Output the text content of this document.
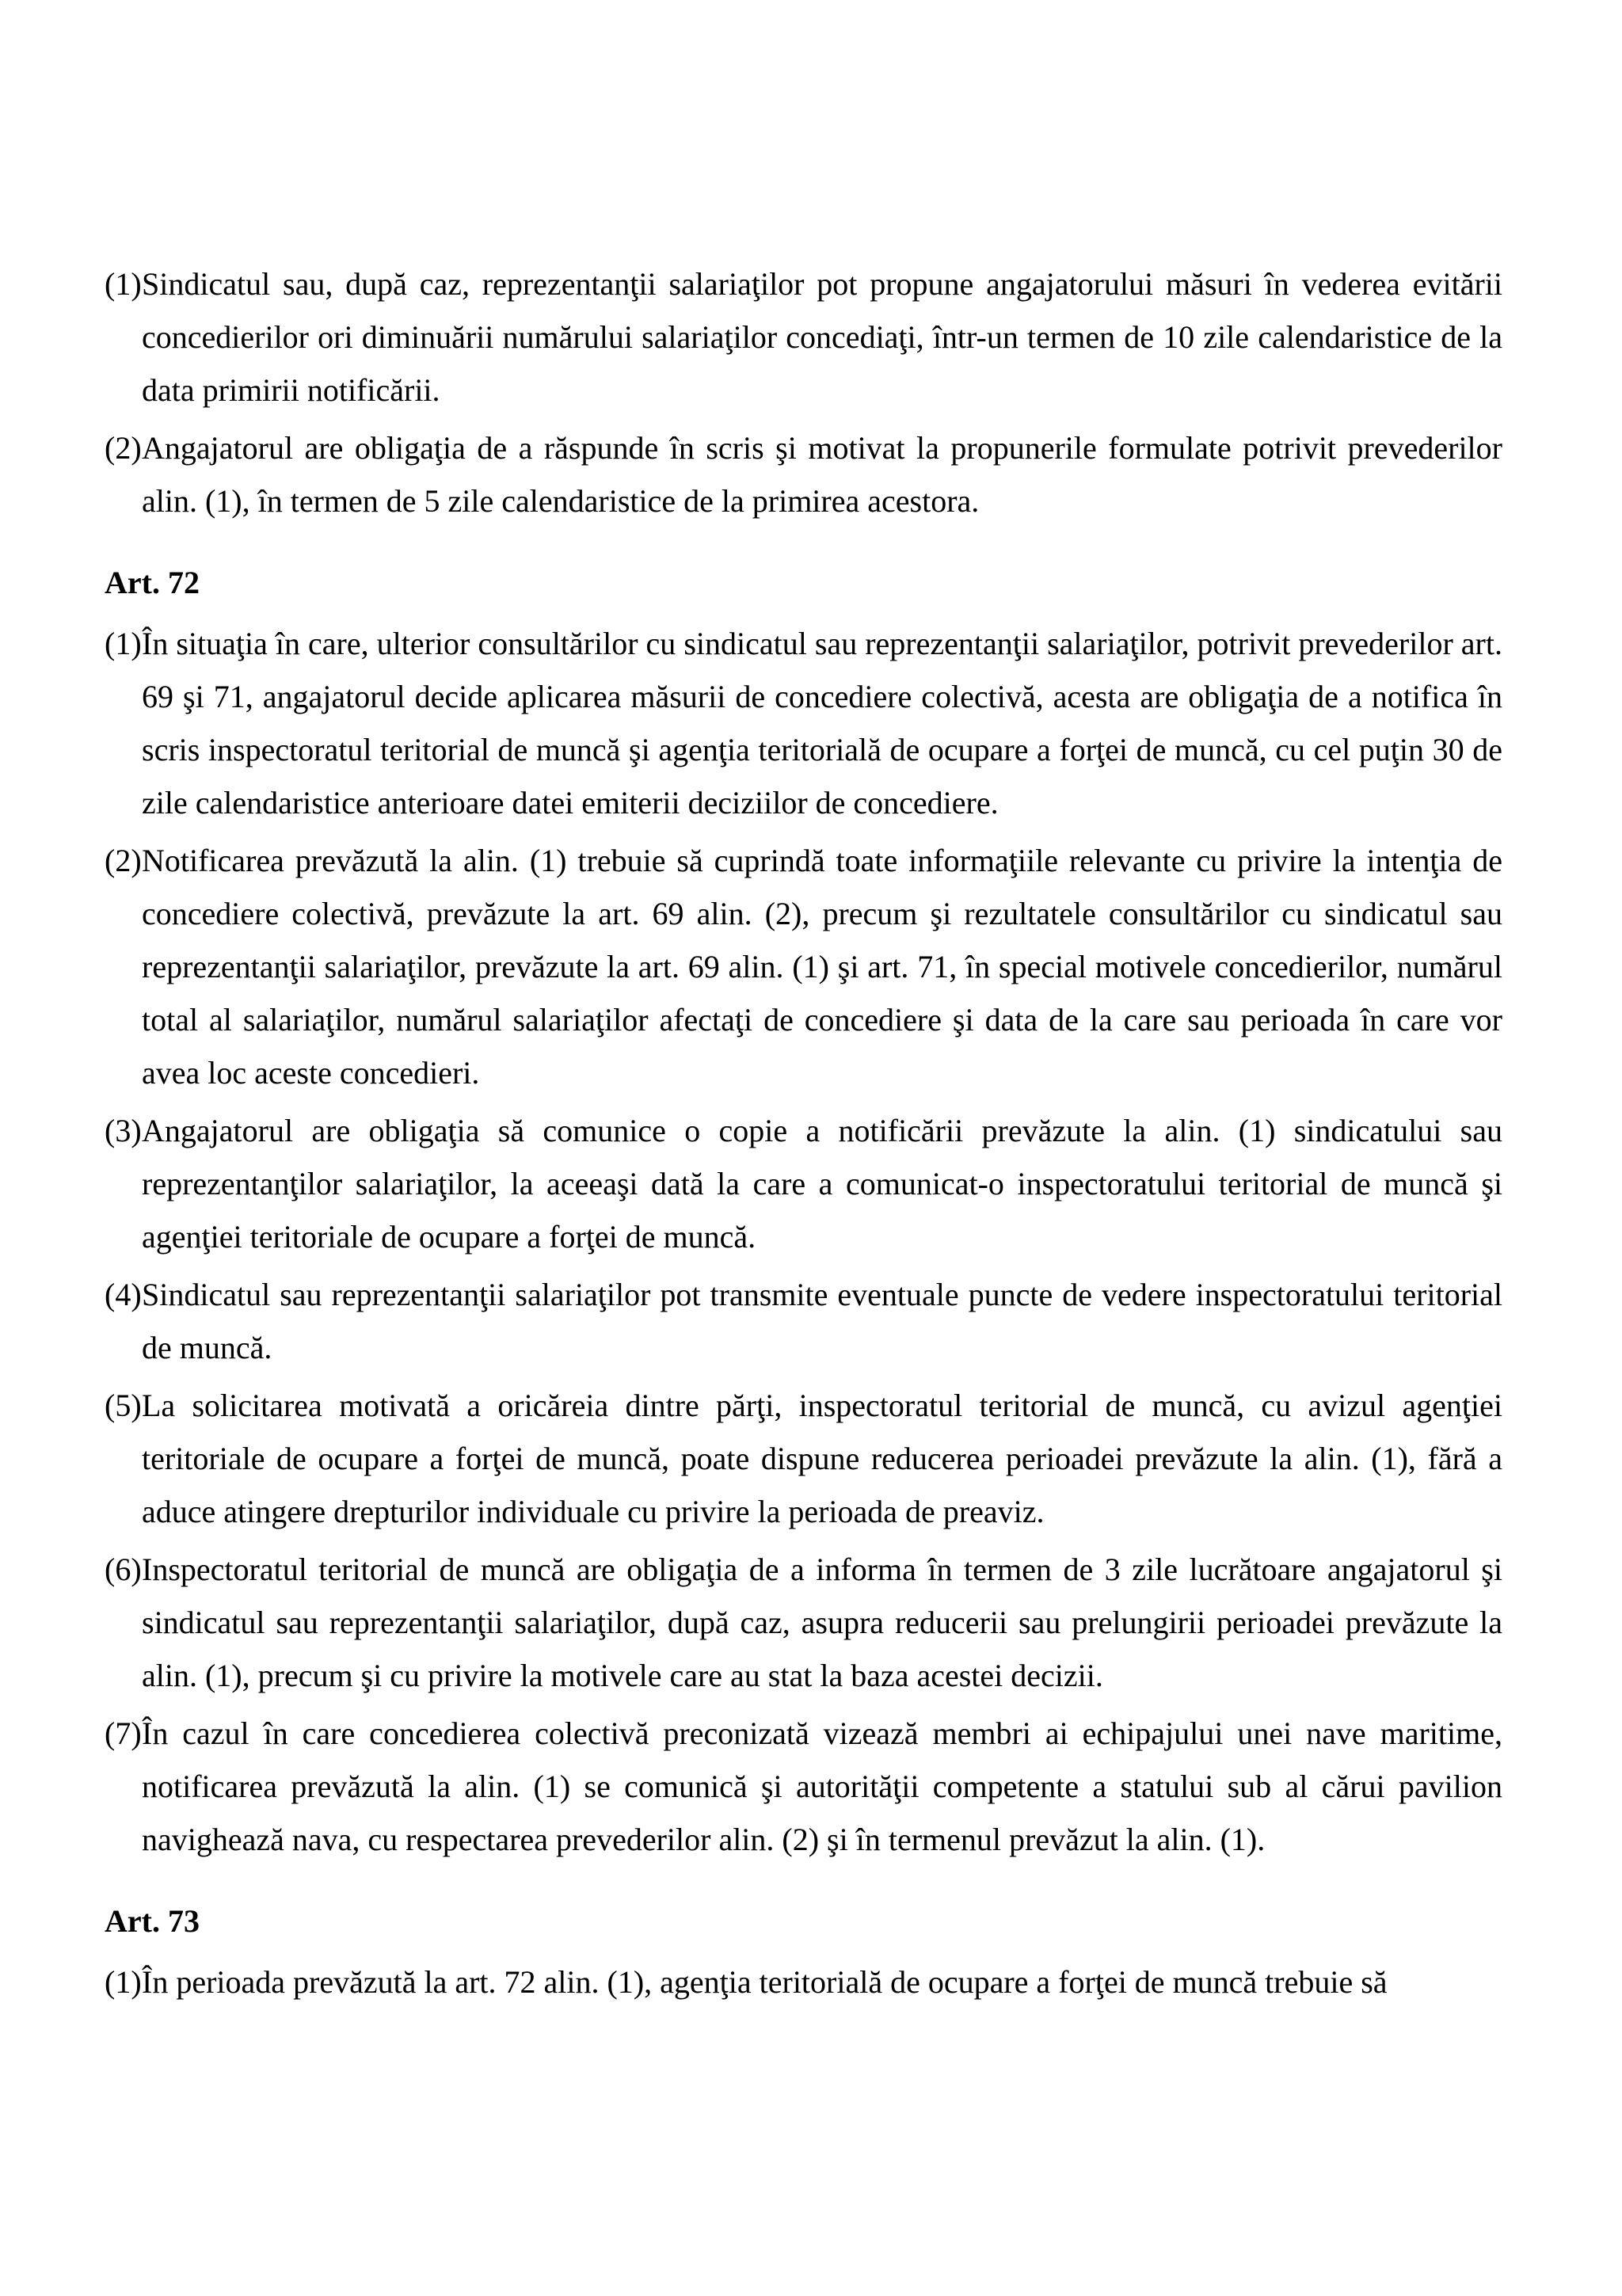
(1) Sindicatul sau, după caz, reprezentanţii salariaţilor pot propune angajatorului măsuri în vederea evitării concedierilor ori diminuării numărului salariaţilor concediaţi, într-un termen de 10 zile calendaristice de la data primirii notificării.
(2) Angajatorul are obligaţia de a răspunde în scris şi motivat la propunerile formulate potrivit prevederilor alin. (1), în termen de 5 zile calendaristice de la primirea acestora.
Art. 72
(1) În situaţia în care, ulterior consultărilor cu sindicatul sau reprezentanţii salariaţilor, potrivit prevederilor art. 69 şi 71, angajatorul decide aplicarea măsurii de concediere colectivă, acesta are obligaţia de a notifica în scris inspectoratul teritorial de muncă şi agenţia teritorială de ocupare a forţei de muncă, cu cel puţin 30 de zile calendaristice anterioare datei emiterii deciziilor de concediere.
(2) Notificarea prevăzută la alin. (1) trebuie să cuprindă toate informaţiile relevante cu privire la intenţia de concediere colectivă, prevăzute la art. 69 alin. (2), precum şi rezultatele consultărilor cu sindicatul sau reprezentanţii salariaţilor, prevăzute la art. 69 alin. (1) şi art. 71, în special motivele concedierilor, numărul total al salariaţilor, numărul salariaţilor afectaţi de concediere şi data de la care sau perioada în care vor avea loc aceste concedieri.
(3) Angajatorul are obligaţia să comunice o copie a notificării prevăzute la alin. (1) sindicatului sau reprezentanţilor salariaţilor, la aceeaşi dată la care a comunicat-o inspectoratului teritorial de muncă şi agenţiei teritoriale de ocupare a forţei de muncă.
(4) Sindicatul sau reprezentanţii salariaţilor pot transmite eventuale puncte de vedere inspectoratului teritorial de muncă.
(5) La solicitarea motivată a oricăreia dintre părţi, inspectoratul teritorial de muncă, cu avizul agenţiei teritoriale de ocupare a forţei de muncă, poate dispune reducerea perioadei prevăzute la alin. (1), fără a aduce atingere drepturilor individuale cu privire la perioada de preaviz.
(6) Inspectoratul teritorial de muncă are obligaţia de a informa în termen de 3 zile lucrătoare angajatorul şi sindicatul sau reprezentanţii salariaţilor, după caz, asupra reducerii sau prelungirii perioadei prevăzute la alin. (1), precum şi cu privire la motivele care au stat la baza acestei decizii.
(7) În cazul în care concedierea colectivă preconizată vizează membri ai echipajului unei nave maritime, notificarea prevăzută la alin. (1) se comunică şi autorităţii competente a statului sub al cărui pavilion navighează nava, cu respectarea prevederilor alin. (2) şi în termenul prevăzut la alin. (1).
Art. 73
(1) În perioada prevăzută la art. 72 alin. (1), agenţia teritorială de ocupare a forţei de muncă trebuie să
